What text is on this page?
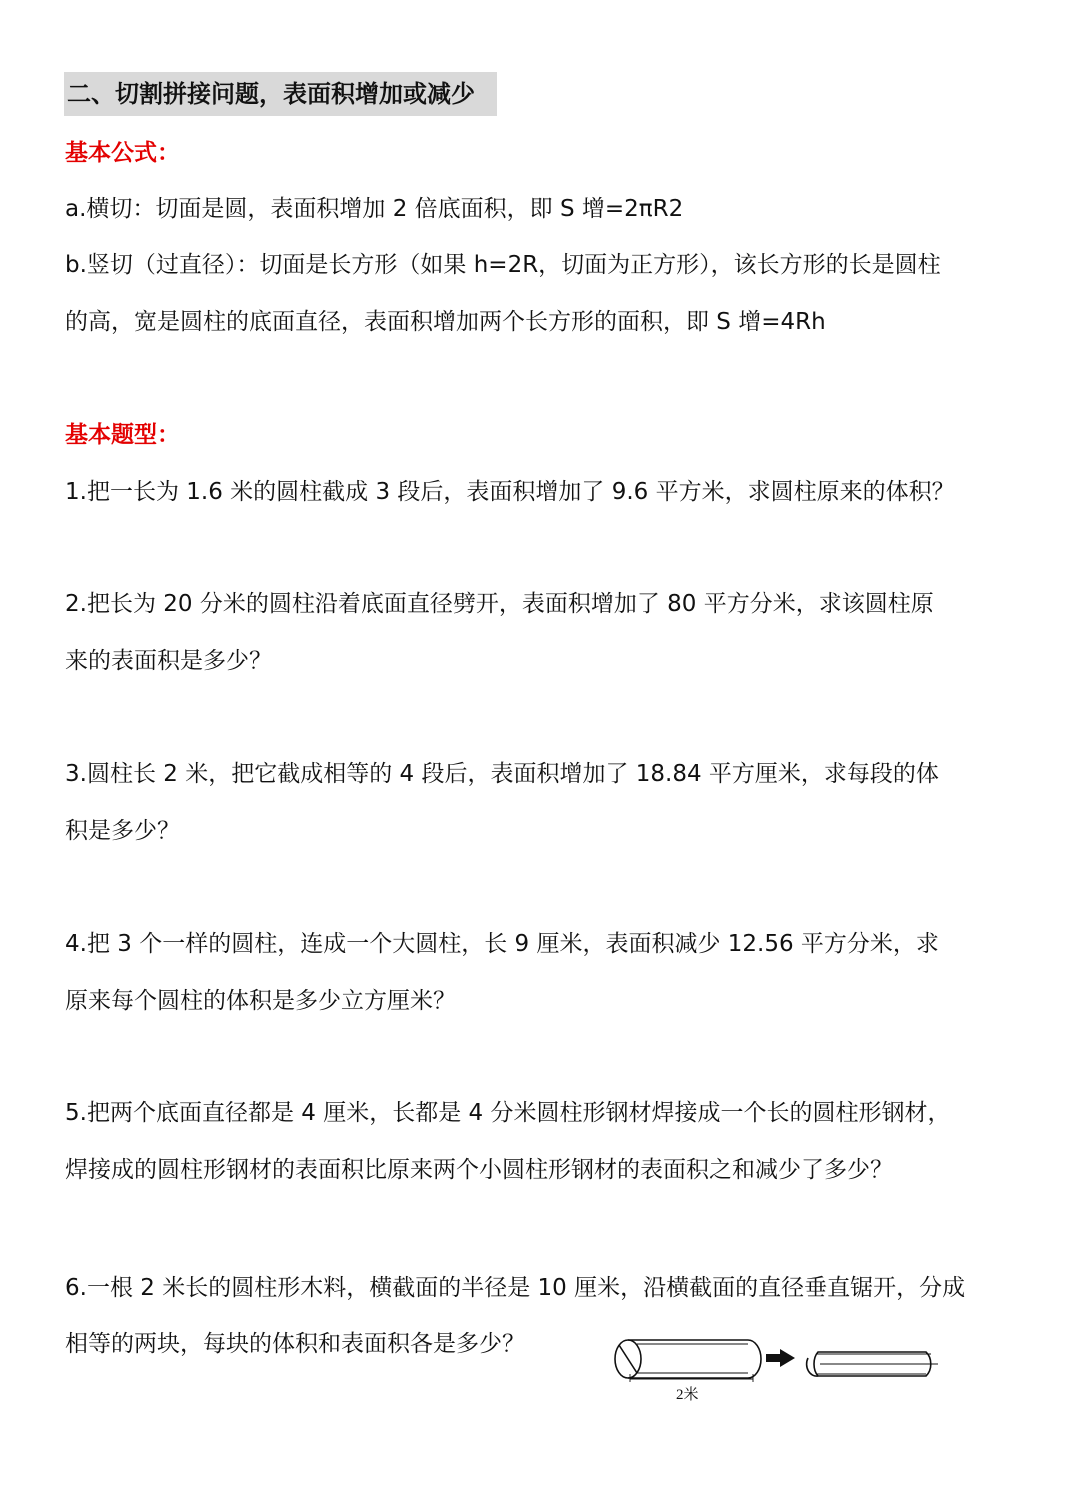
二、切割拼接问题，表面积增加或减少
基本公式：
a.横切：切面是圆，表面积增加 2 倍底面积，即 S 增=2πR2
b.竖切（过直径）：切面是长方形（如果 h=2R，切面为正方形），该长方形的长是圆柱
的高，宽是圆柱的底面直径，表面积增加两个长方形的面积，即 S 增=4Rh
基本题型：
1.把一长为 1.6 米的圆柱截成 3 段后，表面积增加了 9.6 平方米，求圆柱原来的体积？
2.把长为 20 分米的圆柱沿着底面直径劈开，表面积增加了 80 平方分米，求该圆柱原
来的表面积是多少？
3.圆柱长 2 米，把它截成相等的 4 段后，表面积增加了 18.84 平方厘米，求每段的体
积是多少？
4.把 3 个一样的圆柱，连成一个大圆柱，长 9 厘米，表面积减少 12.56 平方分米，求
原来每个圆柱的体积是多少立方厘米？
5.把两个底面直径都是 4 厘米，长都是 4 分米圆柱形钢材焊接成一个长的圆柱形钢材，
焊接成的圆柱形钢材的表面积比原来两个小圆柱形钢材的表面积之和减少了多少？
6.一根 2 米长的圆柱形木料，横截面的半径是 10 厘米，沿横截面的直径垂直锯开，分成
相等的两块，每块的体积和表面积各是多少？
2米
